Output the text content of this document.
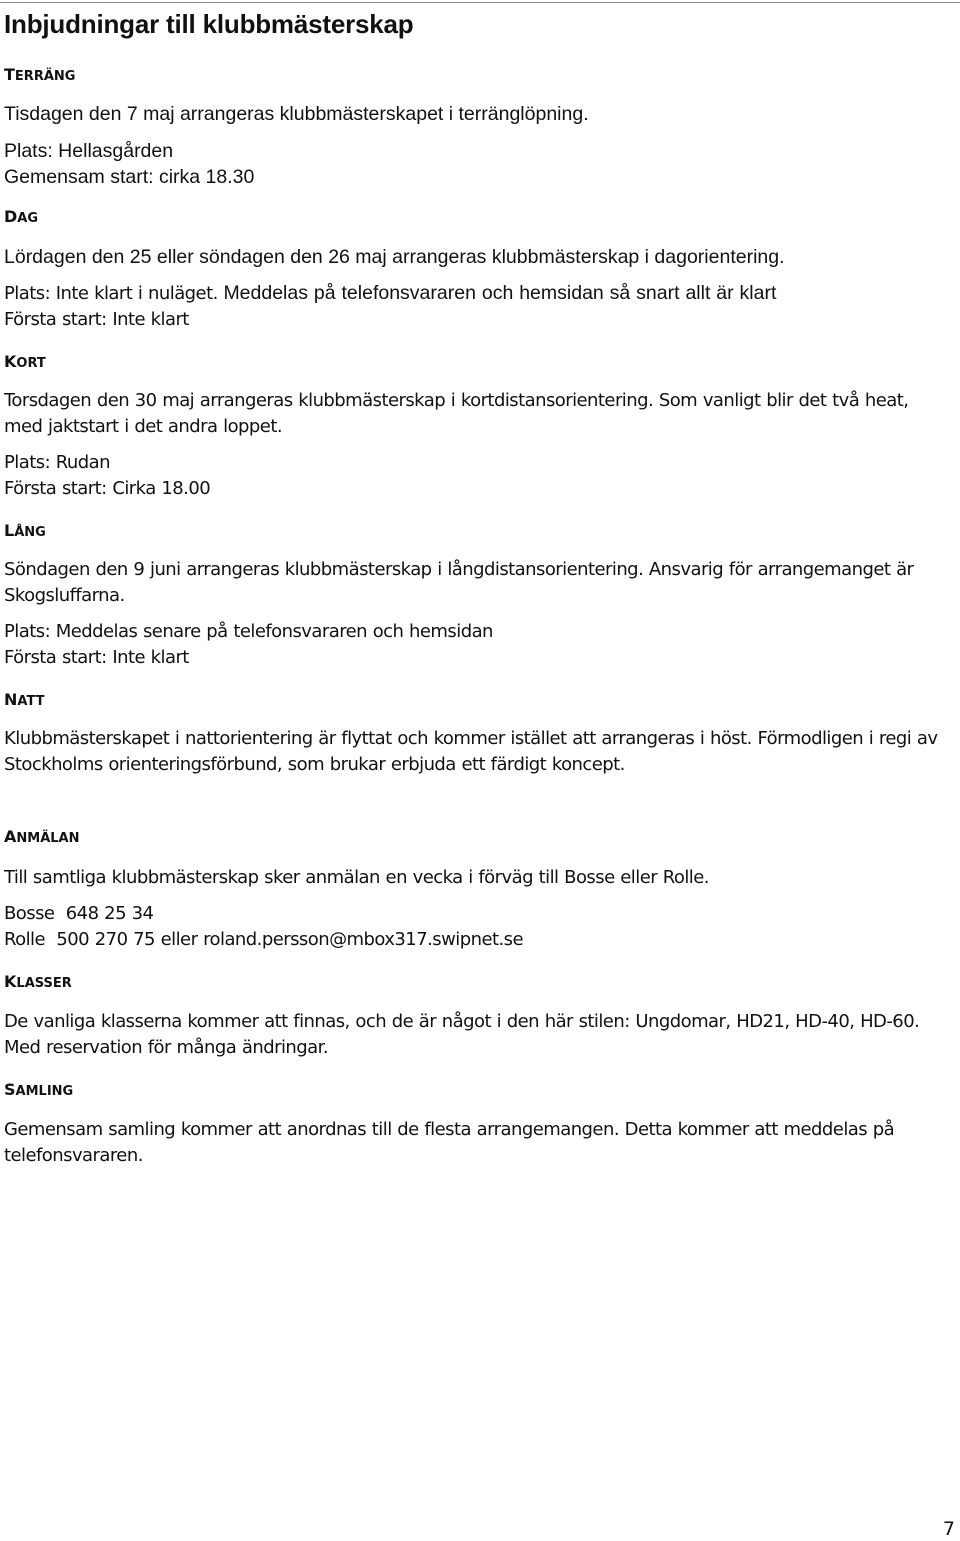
Inbjudningar till klubbmästerskap
TERRÄNG

Tisdagen den 7 maj arrangeras klubbmästerskapet i terränglöpning.

Plats: Hellasgården

Gemensam start: cirka 18.30

DAG

Lördagen den 25 eller söndagen den 26 maj arrangeras klubbmästerskap i dagorientering.

Plats: Inte klart i nuläget. Meddelas på telefonsvararen och hemsidan så snart allt är klart

Första start: Inte klart

KORT

Torsdagen den 30 maj arrangeras klubbmästerskap i kortdistansorientering. Som vanligt blir det två heat, med jaktstart i det andra loppet.

Plats: Rudan

Första start: Cirka 18.00

LÅNG

Söndagen den 9 juni arrangeras klubbmästerskap i långdistansorientering. Ansvarig för arrangemanget är Skogsluffarna.

Plats: Meddelas senare på telefonsvararen och hemsidan

Första start: Inte klart

NATT

Klubbmästerskapet i nattorientering är flyttat och kommer istället att arrangeras i höst. Förmodligen i regi av Stockholms orienteringsförbund, som brukar erbjuda ett färdigt koncept.

ANMÄLAN

Till samtliga klubbmästerskap sker anmälan en vecka i förväg till Bosse eller Rolle.

Bosse  648 25 34

Rolle  500 270 75 eller roland.persson@mbox317.swipnet.se

KLASSER

De vanliga klasserna kommer att finnas, och de är något i den här stilen: Ungdomar, HD21, HD-40, HD-60. Med reservation för många ändringar.

SAMLING

Gemensam samling kommer att anordnas till de flesta arrangemangen. Detta kommer att meddelas på telefonsvararen.

7
